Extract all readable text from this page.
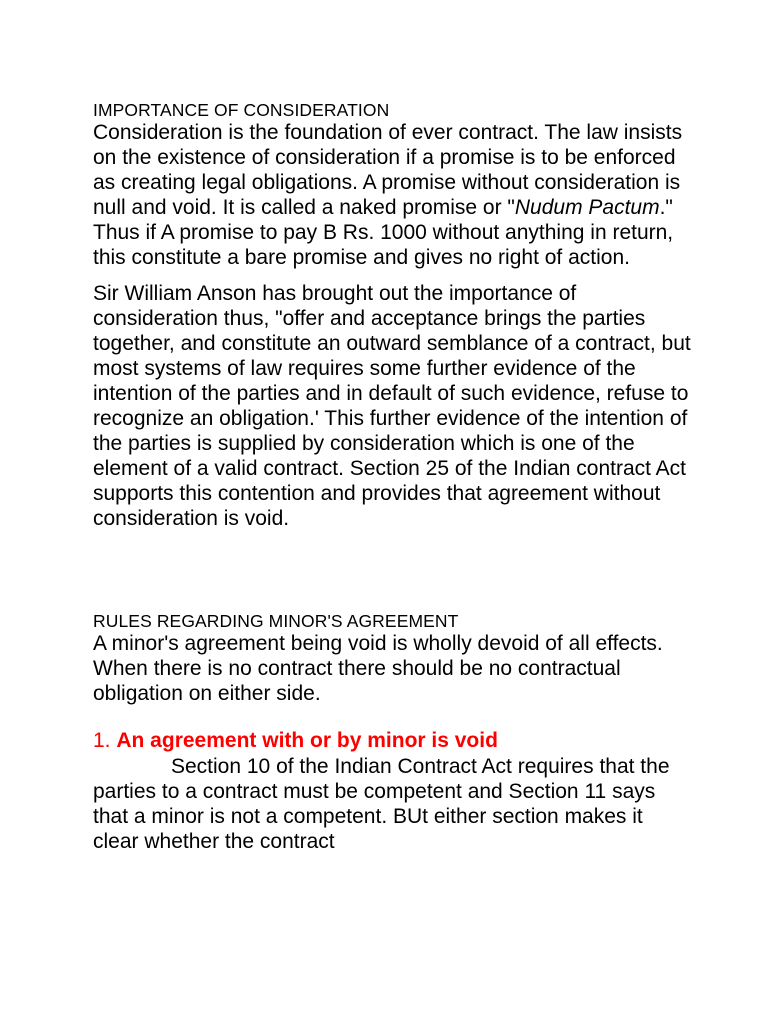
IMPORTANCE OF CONSIDERATION

Consideration is the foundation of ever contract. The law insists on the existence of consideration if a promise is to be enforced as creating legal obligations. A promise without consideration is null and void. It is called a naked promise or "Nudum Pactum." Thus if A promise to pay B Rs. 1000 without anything in return, this constitute a bare promise and gives no right of action.

Sir William Anson has brought out the importance of consideration thus, "offer and acceptance brings the parties together, and constitute an outward semblance of a contract, but most systems of law requires some further evidence of the intention of the parties and in default of such evidence, refuse to recognize an obligation.' This further evidence of the intention of the parties is supplied by consideration which is one of the element of a valid contract. Section 25 of the Indian contract Act supports this contention and provides that agreement without consideration is void.

RULES REGARDING MINOR'S AGREEMENT

A minor's agreement being void is wholly devoid of all effects. When there is no contract there should be no contractual obligation on either side.

1. An agreement with or by minor is void

Section 10 of the Indian Contract Act requires that the parties to a contract must be competent and Section 11 says that a minor is not a competent. BUt either section makes it clear whether the contract
